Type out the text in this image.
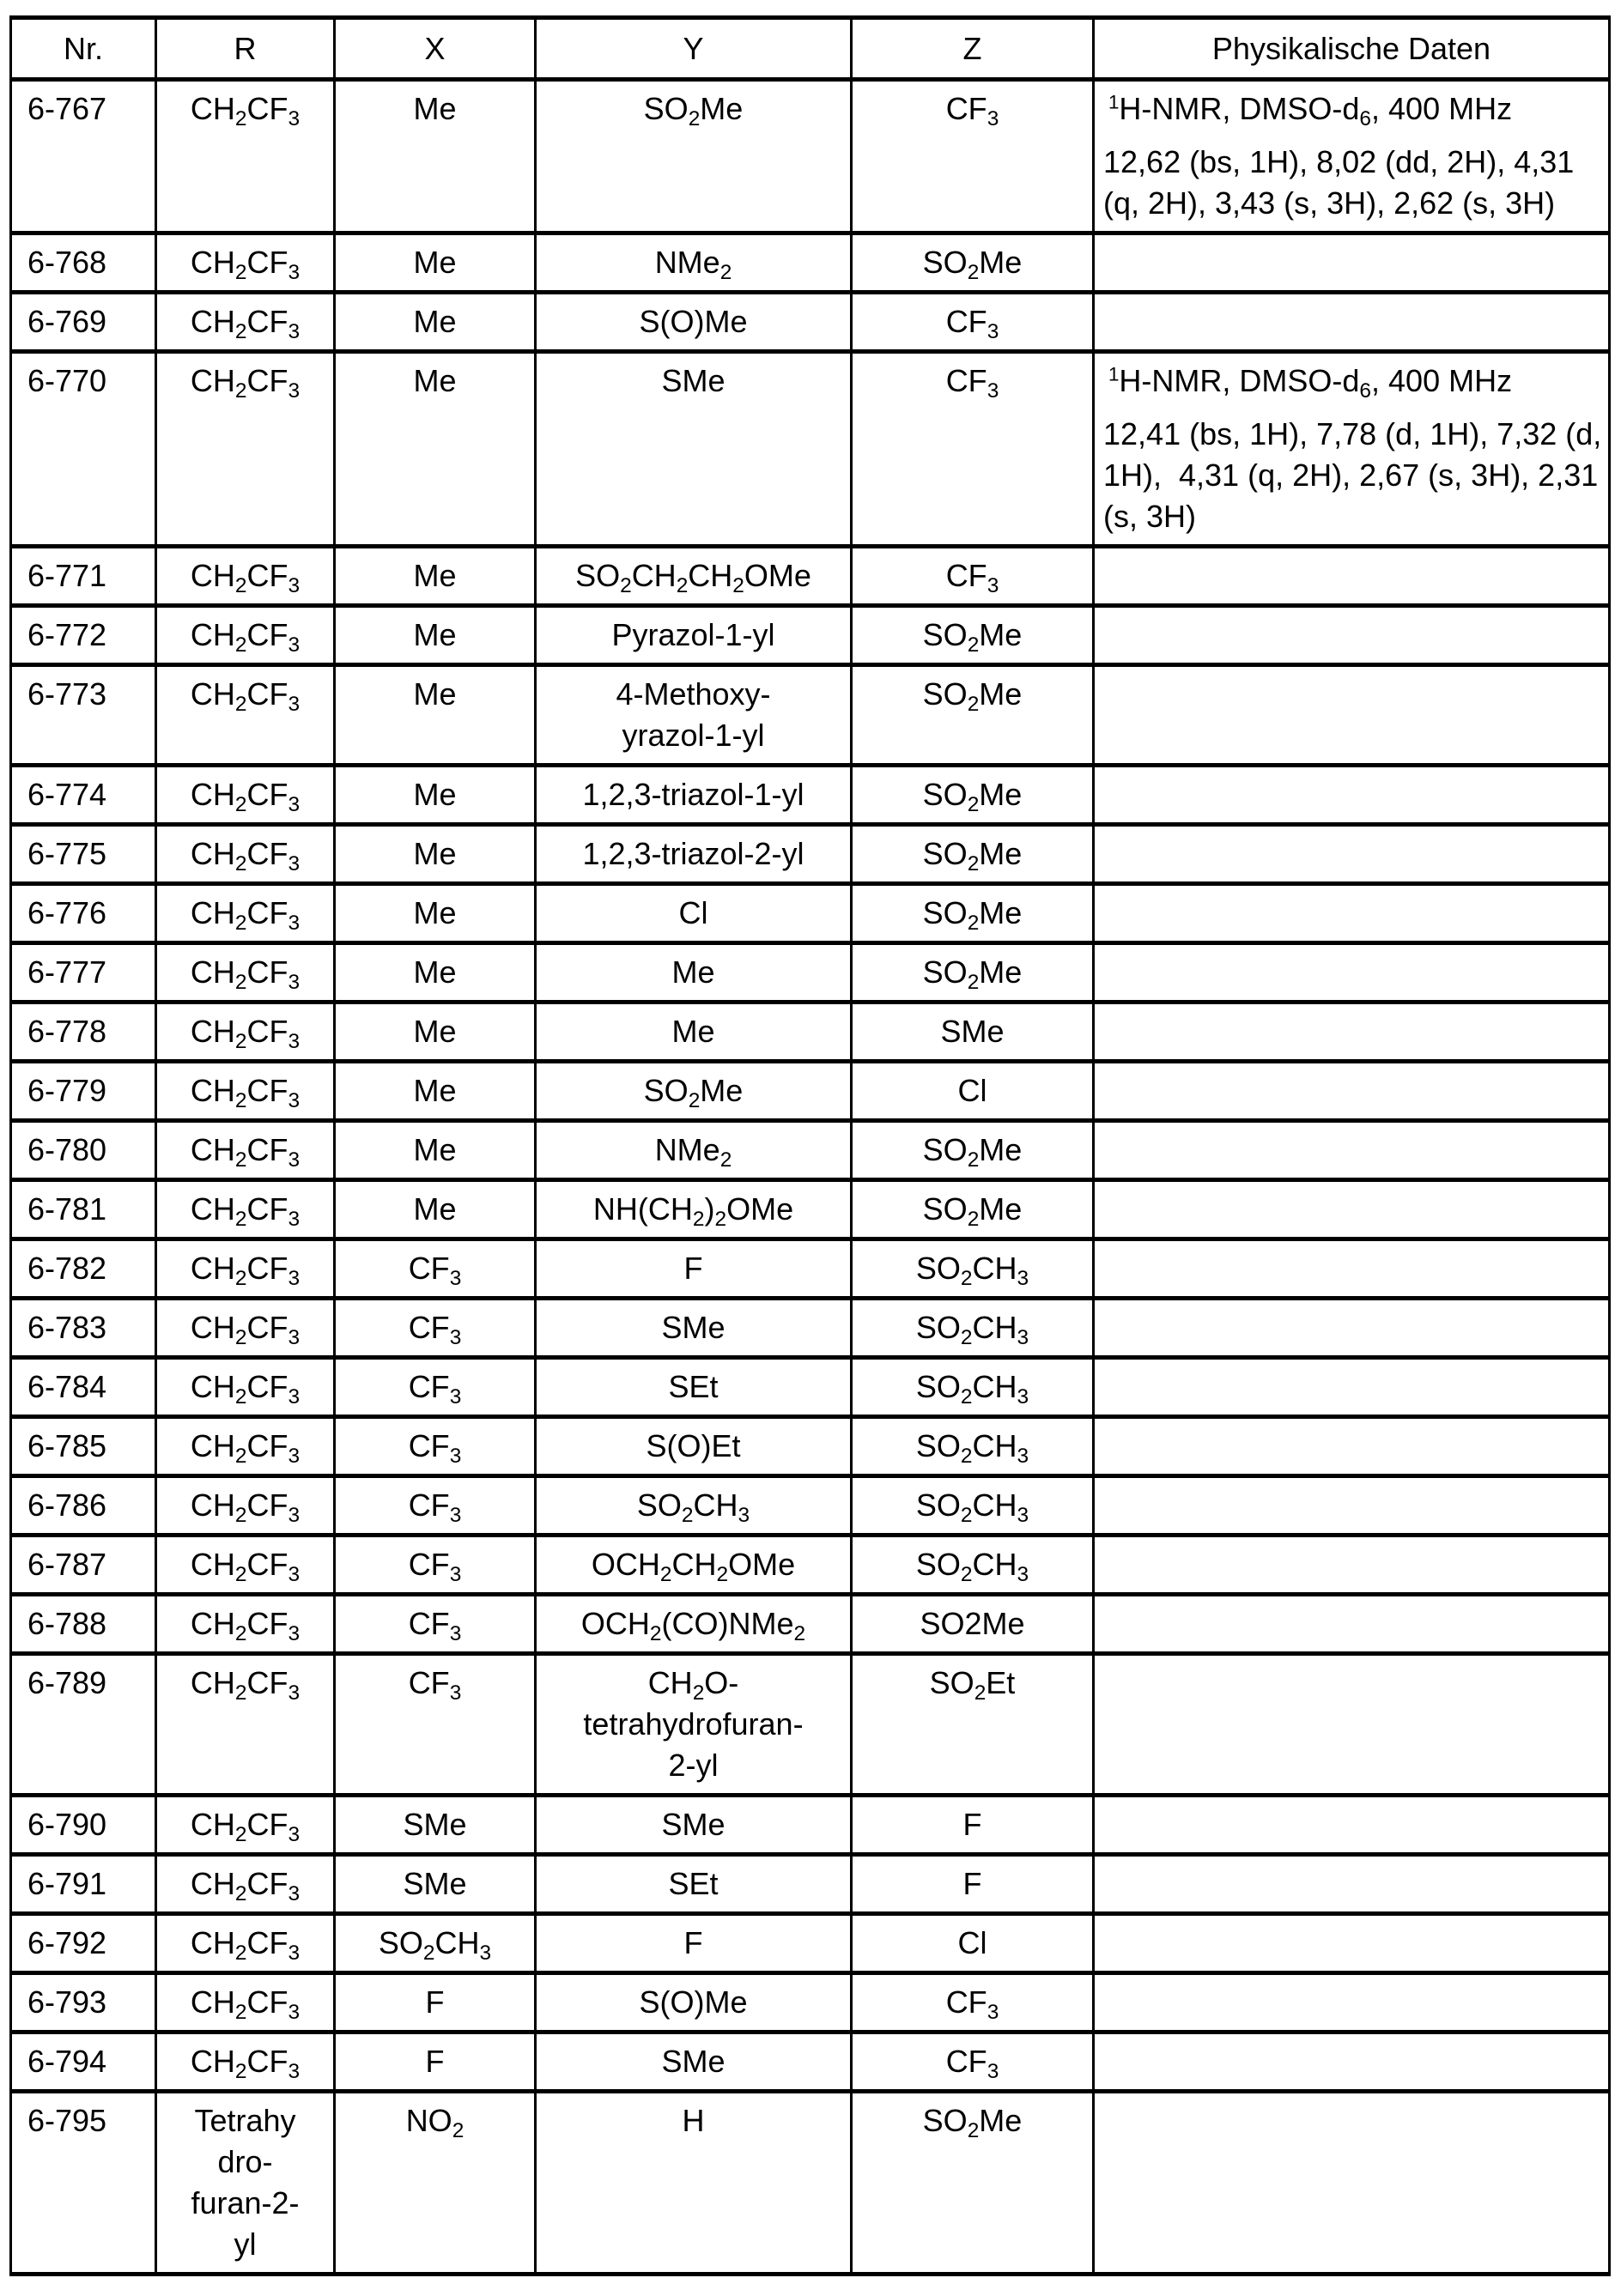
Nr.	R	X	Y	Z	Physikalische Daten
6-767	$CH_2CF_3$	Me	$SO_2Me$	$CF_3$	$^1$H-NMR, DMSO-$d_6$, 400 MHz
12,62 (bs, 1H), 8,02 (dd, 2H), 4,31 (q, 2H), 3,43 (s, 3H), 2,62 (s, 3H)

6-768	$CH_2CF_3$	Me	NMe$_2$	$SO_2Me$	
6-769	$CH_2CF_3$	Me	S(O)Me	$CF_3$	
6-770	$CH_2CF_3$	Me	SMe	$CF_3$	$^1$H-NMR, DMSO-$d_6$, 400 MHz
12,41 (bs, 1H), 7,78 (d, 1H), 7,32 (d, 1H),  4,31 (q, 2H), 2,67 (s, 3H), 2,31 (s, 3H)

6-771	$CH_2CF_3$	Me	$SO_2CH_2CH_2OMe$	$CF_3$	
6-772	$CH_2CF_3$	Me	Pyrazol-1-yl	$SO_2Me$	
6-773	$CH_2CF_3$	Me	4-Methoxy-
yrazol-1-yl	$SO_2Me$	
6-774	$CH_2CF_3$	Me	1,2,3-triazol-1-yl	$SO_2Me$	
6-775	$CH_2CF_3$	Me	1,2,3-triazol-2-yl	$SO_2Me$	
6-776	$CH_2CF_3$	Me	Cl	$SO_2Me$	
6-777	$CH_2CF_3$	Me	Me	$SO_2Me$	
6-778	$CH_2CF_3$	Me	Me	SMe	
6-779	$CH_2CF_3$	Me	$SO_2Me$	Cl	
6-780	$CH_2CF_3$	Me	NMe$_2$	$SO_2Me$	
6-781	$CH_2CF_3$	Me	$NH(CH_2)_2OMe$	$SO_2Me$	
6-782	$CH_2CF_3$	$CF_3$	F	$SO_2CH_3$	
6-783	$CH_2CF_3$	$CF_3$	SMe	$SO_2CH_3$	
6-784	$CH_2CF_3$	$CF_3$	SEt	$SO_2CH_3$	
6-785	$CH_2CF_3$	$CF_3$	S(O)Et	$SO_2CH_3$	
6-786	$CH_2CF_3$	$CF_3$	$SO_2CH_3$	$SO_2CH_3$	
6-787	$CH_2CF_3$	$CF_3$	$OCH_2CH_2OMe$	$SO_2CH_3$	
6-788	$CH_2CF_3$	$CF_3$	$OCH_2(CO)NMe_2$	SO2Me	
6-789	$CH_2CF_3$	$CF_3$	$CH_2O-$
tetrahydrofuran-
2-yl	$SO_2Et$	
6-790	$CH_2CF_3$	SMe	SMe	F	
6-791	$CH_2CF_3$	SMe	SEt	F	
6-792	$CH_2CF_3$	$SO_2CH_3$	F	Cl	
6-793	$CH_2CF_3$	F	S(O)Me	$CF_3$	
6-794	$CH_2CF_3$	F	SMe	$CF_3$	
6-795	Tetrahy
dro-
furan-2-
yl	$NO_2$	H	$SO_2Me$	
